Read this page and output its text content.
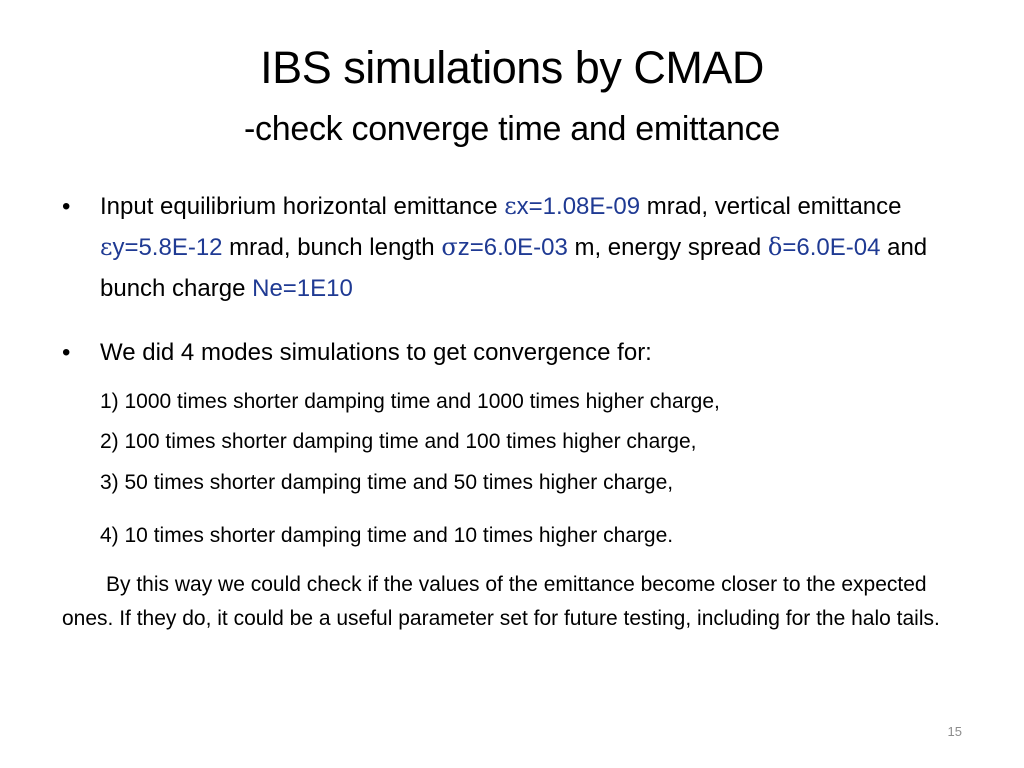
IBS simulations by CMAD
-check converge time and emittance
• Input equilibrium horizontal emittance εx=1.08E-09 mrad, vertical emittance εy=5.8E-12 mrad, bunch length σz=6.0E-03 m, energy spread δ=6.0E-04 and bunch charge Ne=1E10
• We did 4 modes simulations to get convergence for:
1) 1000 times shorter damping time and 1000 times higher charge,
2) 100 times shorter damping time and 100 times higher charge,
3) 50 times shorter damping time and 50 times higher charge,
4) 10 times shorter damping time and 10 times higher charge.
By this way we could check if the values of the emittance become closer to the expected ones. If they do, it could be a useful parameter set for future testing, including for the halo tails.
15
